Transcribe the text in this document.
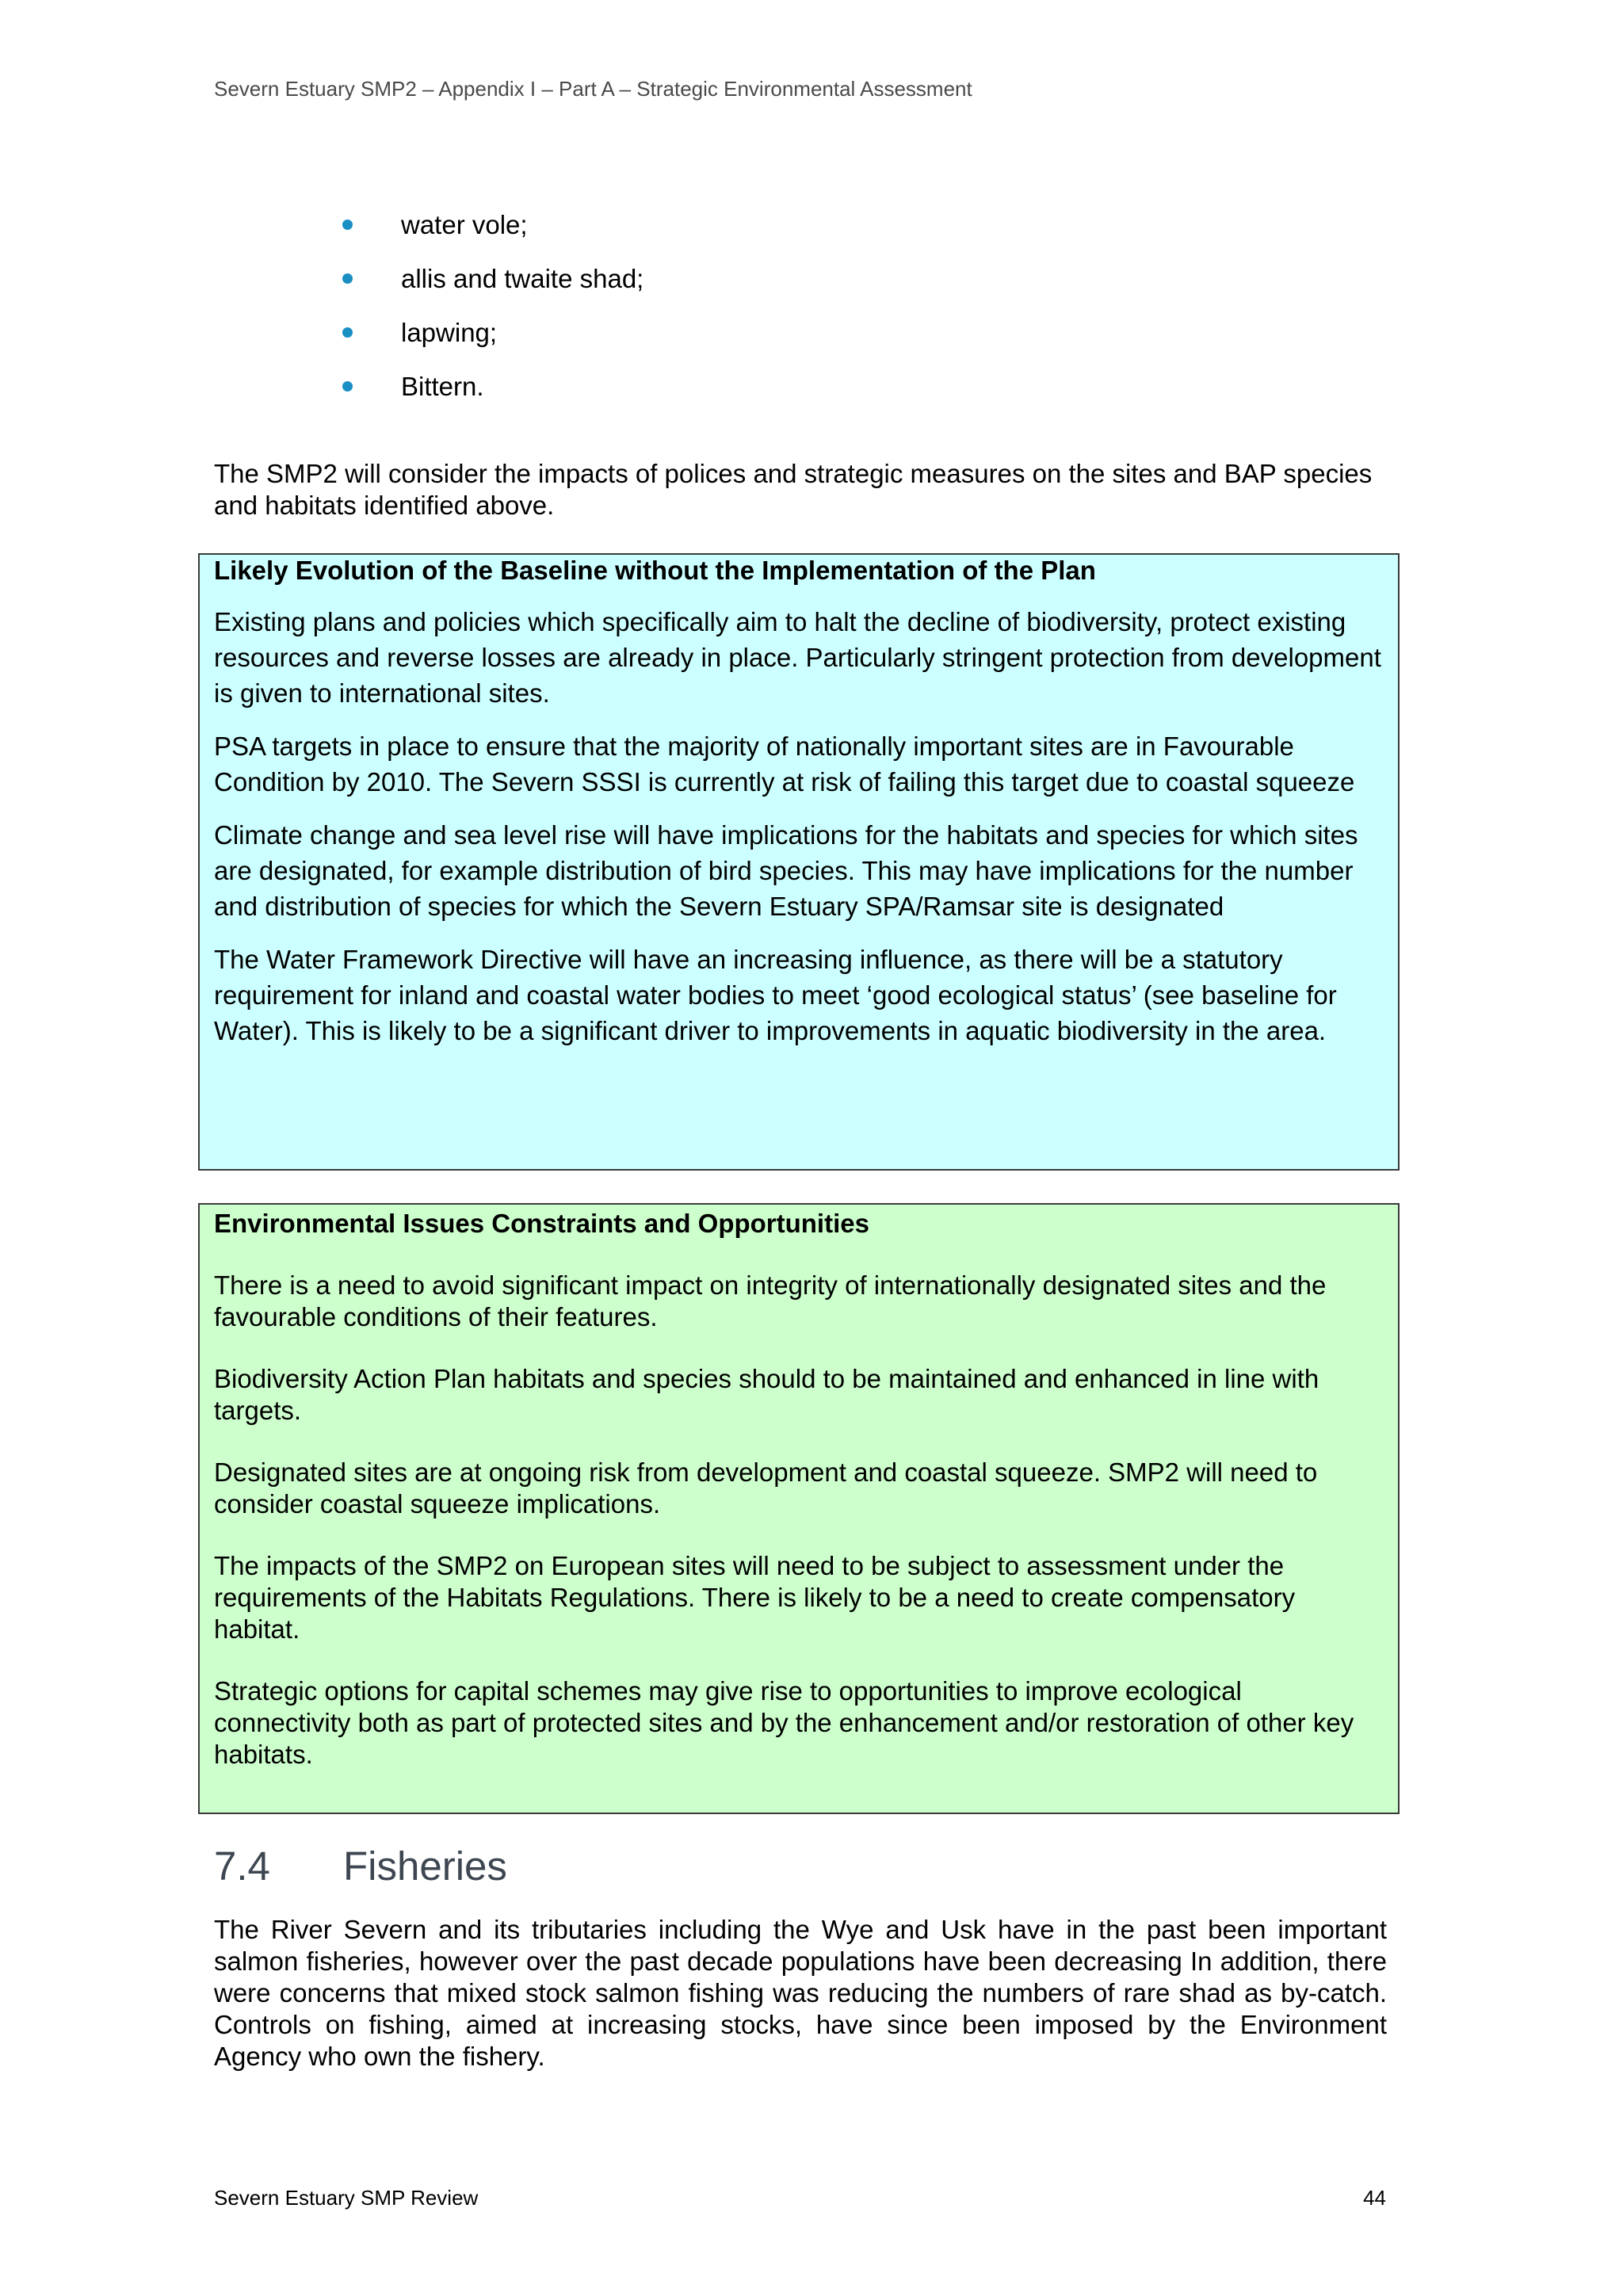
Severn Estuary SMP2 – Appendix I – Part A – Strategic Environmental Assessment
water vole;
allis and twaite shad;
lapwing;
Bittern.

The SMP2 will consider the impacts of polices and strategic measures on the sites and BAP species and habitats identified above.

Likely Evolution of the Baseline without the Implementation of the Plan

Existing plans and policies which specifically aim to halt the decline of biodiversity, protect existing resources and reverse losses are already in place. Particularly stringent protection from development is given to international sites.

PSA targets in place to ensure that the majority of nationally important sites are in Favourable Condition by 2010. The Severn SSSI is currently at risk of failing this target due to coastal squeeze

Climate change and sea level rise will have implications for the habitats and species for which sites are designated, for example distribution of bird species. This may have implications for the number and distribution of species for which the Severn Estuary SPA/Ramsar site is designated

The Water Framework Directive will have an increasing influence, as there will be a statutory requirement for inland and coastal water bodies to meet ‘good ecological status’ (see baseline for Water). This is likely to be a significant driver to improvements in aquatic biodiversity in the area.

Environmental Issues Constraints and Opportunities

There is a need to avoid significant impact on integrity of internationally designated sites and the favourable conditions of their features.

Biodiversity Action Plan habitats and species should to be maintained and enhanced in line with targets.

Designated sites are at ongoing risk from development and coastal squeeze. SMP2 will need to consider coastal squeeze implications.

The impacts of the SMP2 on European sites will need to be subject to assessment under the requirements of the Habitats Regulations. There is likely to be a need to create compensatory habitat.

Strategic options for capital schemes may give rise to opportunities to improve ecological connectivity both as part of protected sites and by the enhancement and/or restoration of other key habitats.

7.4 Fisheries

The River Severn and its tributaries including the Wye and Usk have in the past been important salmon fisheries, however over the past decade populations have been decreasing In addition, there were concerns that mixed stock salmon fishing was reducing the numbers of rare shad as by-catch. Controls on fishing, aimed at increasing stocks, have since been imposed by the Environment Agency who own the fishery.

Severn Estuary SMP Review	44
